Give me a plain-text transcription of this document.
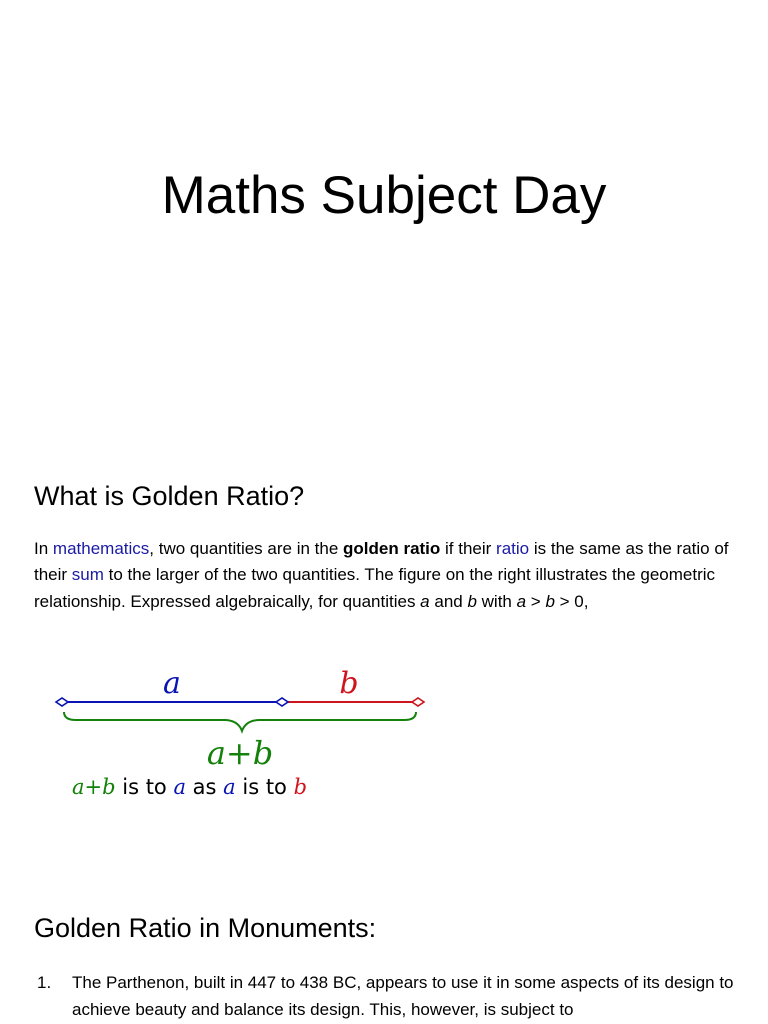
Maths Subject Day
What is Golden Ratio?

In mathematics, two quantities are in the golden ratio if their ratio is the same as the ratio of their sum to the larger of the two quantities. The figure on the right illustrates the geometric relationship. Expressed algebraically, for quantities a and b with a > b > 0,

a	b
a+b
a+b is to a as a is to b
Golden Ratio in Monuments:
1. The Parthenon, built in 447 to 438 BC, appears to use it in some aspects of its design to achieve beauty and balance its design. This, however, is subject to
